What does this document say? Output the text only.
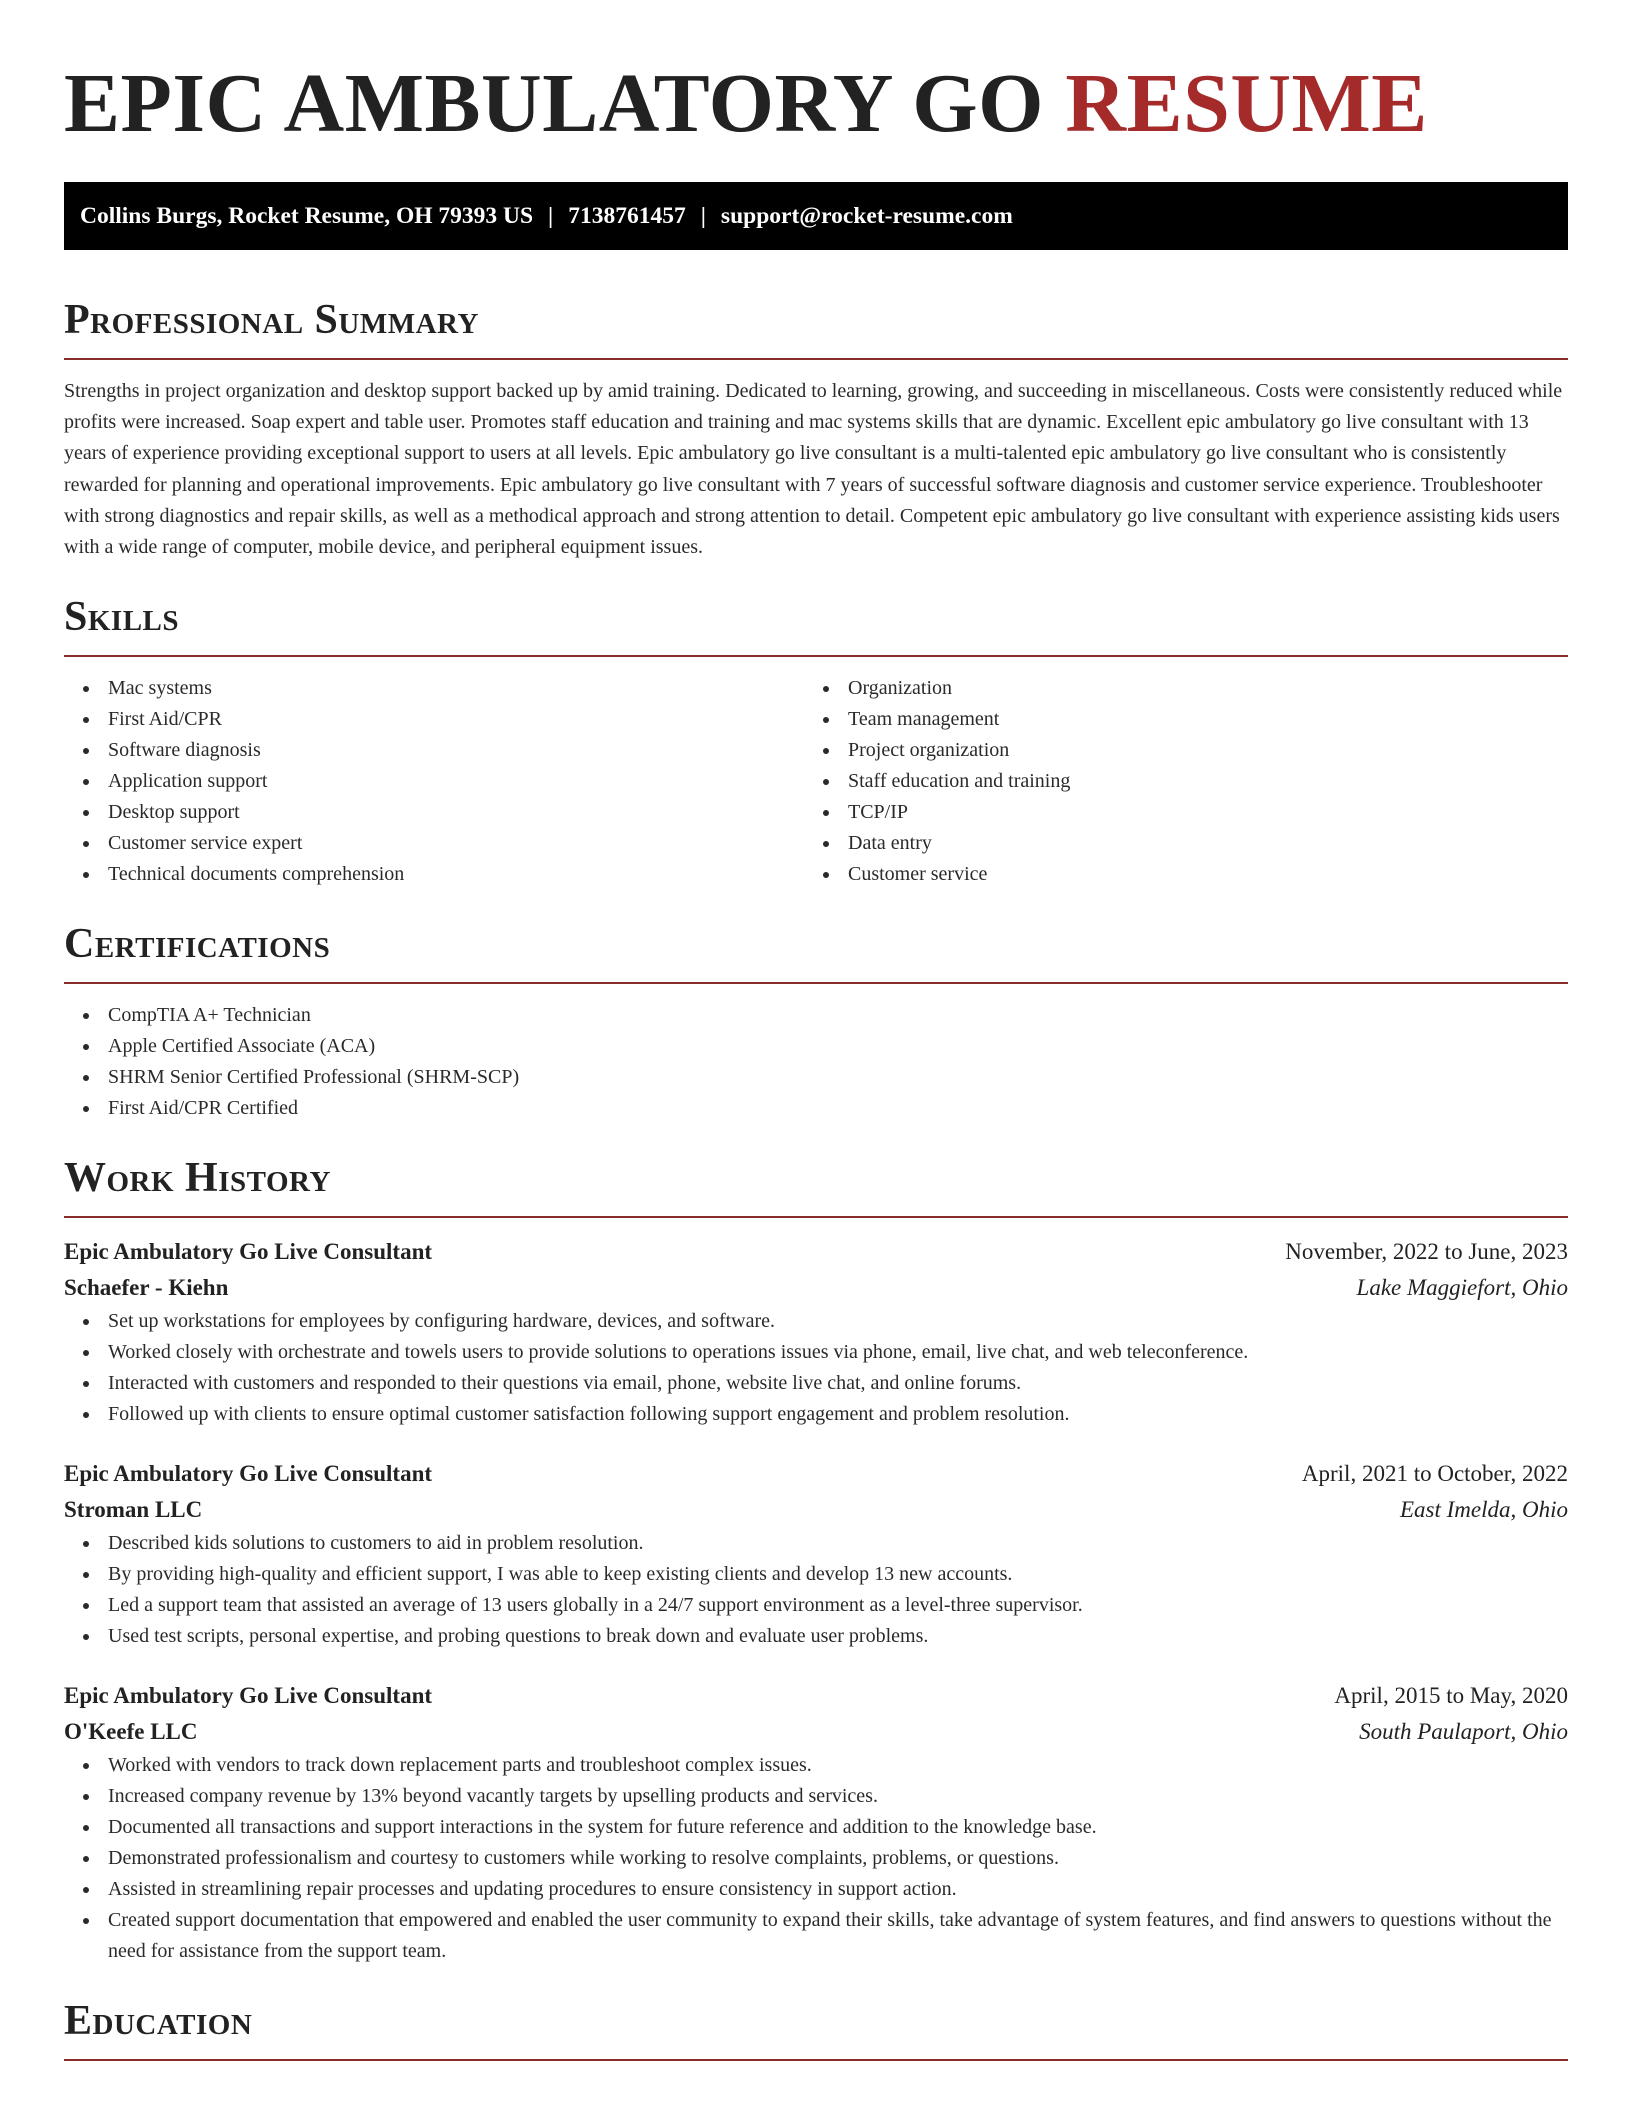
EPIC AMBULATORY GO RESUME
Collins Burgs, Rocket Resume, OH 79393 US | 7138761457 | support@rocket-resume.com
Professional Summary

Strengths in project organization and desktop support backed up by amid training. Dedicated to learning, growing, and succeeding in miscellaneous. Costs were consistently reduced while profits were increased. Soap expert and table user. Promotes staff education and training and mac systems skills that are dynamic. Excellent epic ambulatory go live consultant with 13 years of experience providing exceptional support to users at all levels. Epic ambulatory go live consultant is a multi-talented epic ambulatory go live consultant who is consistently rewarded for planning and operational improvements. Epic ambulatory go live consultant with 7 years of successful software diagnosis and customer service experience. Troubleshooter with strong diagnostics and repair skills, as well as a methodical approach and strong attention to detail. Competent epic ambulatory go live consultant with experience assisting kids users with a wide range of computer, mobile device, and peripheral equipment issues.

Skills
Mac systems
First Aid/CPR
Software diagnosis
Application support
Desktop support
Customer service expert
Technical documents comprehension
Organization
Team management
Project organization
Staff education and training
TCP/IP
Data entry
Customer service
Certifications
CompTIA A+ Technician
Apple Certified Associate (ACA)
SHRM Senior Certified Professional (SHRM-SCP)
First Aid/CPR Certified
Work History
Epic Ambulatory Go Live Consultant	November, 2022 to June, 2023
Schaefer - Kiehn	Lake Maggiefort, Ohio
Set up workstations for employees by configuring hardware, devices, and software.
Worked closely with orchestrate and towels users to provide solutions to operations issues via phone, email, live chat, and web teleconference.
Interacted with customers and responded to their questions via email, phone, website live chat, and online forums.
Followed up with clients to ensure optimal customer satisfaction following support engagement and problem resolution.
Epic Ambulatory Go Live Consultant	April, 2021 to October, 2022
Stroman LLC	East Imelda, Ohio
Described kids solutions to customers to aid in problem resolution.
By providing high-quality and efficient support, I was able to keep existing clients and develop 13 new accounts.
Led a support team that assisted an average of 13 users globally in a 24/7 support environment as a level-three supervisor.
Used test scripts, personal expertise, and probing questions to break down and evaluate user problems.
Epic Ambulatory Go Live Consultant	April, 2015 to May, 2020
O'Keefe LLC	South Paulaport, Ohio
Worked with vendors to track down replacement parts and troubleshoot complex issues.
Increased company revenue by 13% beyond vacantly targets by upselling products and services.
Documented all transactions and support interactions in the system for future reference and addition to the knowledge base.
Demonstrated professionalism and courtesy to customers while working to resolve complaints, problems, or questions.
Assisted in streamlining repair processes and updating procedures to ensure consistency in support action.
Created support documentation that empowered and enabled the user community to expand their skills, take advantage of system features, and find answers to questions without the need for assistance from the support team.
Education
